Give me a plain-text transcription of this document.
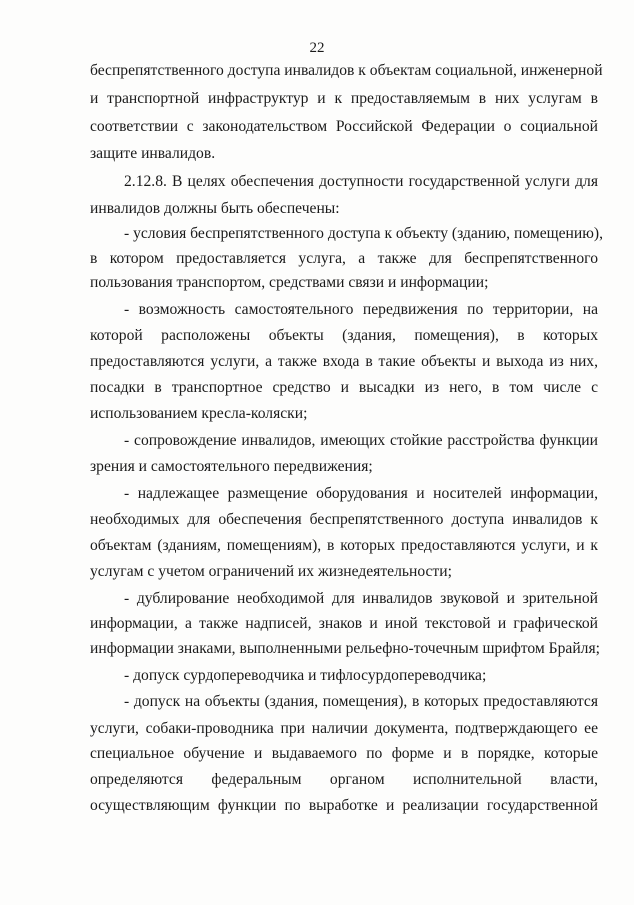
22
беспрепятственного доступа инвалидов к объектам социальной, инженерной
и транспортной инфраструктур и к предоставляемым в них услугам в
соответствии с законодательством Российской Федерации о социальной
защите инвалидов.
2.12.8. В целях обеспечения доступности государственной услуги для
инвалидов должны быть обеспечены:
- условия беспрепятственного доступа к объекту (зданию, помещению),
в котором предоставляется услуга, а также для беспрепятственного
пользования транспортом, средствами связи и информации;
- возможность самостоятельного передвижения по территории, на
которой расположены объекты (здания, помещения), в которых
предоставляются услуги, а также входа в такие объекты и выхода из них,
посадки в транспортное средство и высадки из него, в том числе с
использованием кресла-коляски;
- сопровождение инвалидов, имеющих стойкие расстройства функции
зрения и самостоятельного передвижения;
- надлежащее размещение оборудования и носителей информации,
необходимых для обеспечения беспрепятственного доступа инвалидов к
объектам (зданиям, помещениям), в которых предоставляются услуги, и к
услугам с учетом ограничений их жизнедеятельности;
- дублирование необходимой для инвалидов звуковой и зрительной
информации, а также надписей, знаков и иной текстовой и графической
информации знаками, выполненными рельефно-точечным шрифтом Брайля;
- допуск сурдопереводчика и тифлосурдопереводчика;
- допуск на объекты (здания, помещения), в которых предоставляются
услуги, собаки-проводника при наличии документа, подтверждающего ее
специальное обучение и выдаваемого по форме и в порядке, которые
определяются федеральным органом исполнительной власти,
осуществляющим функции по выработке и реализации государственной
